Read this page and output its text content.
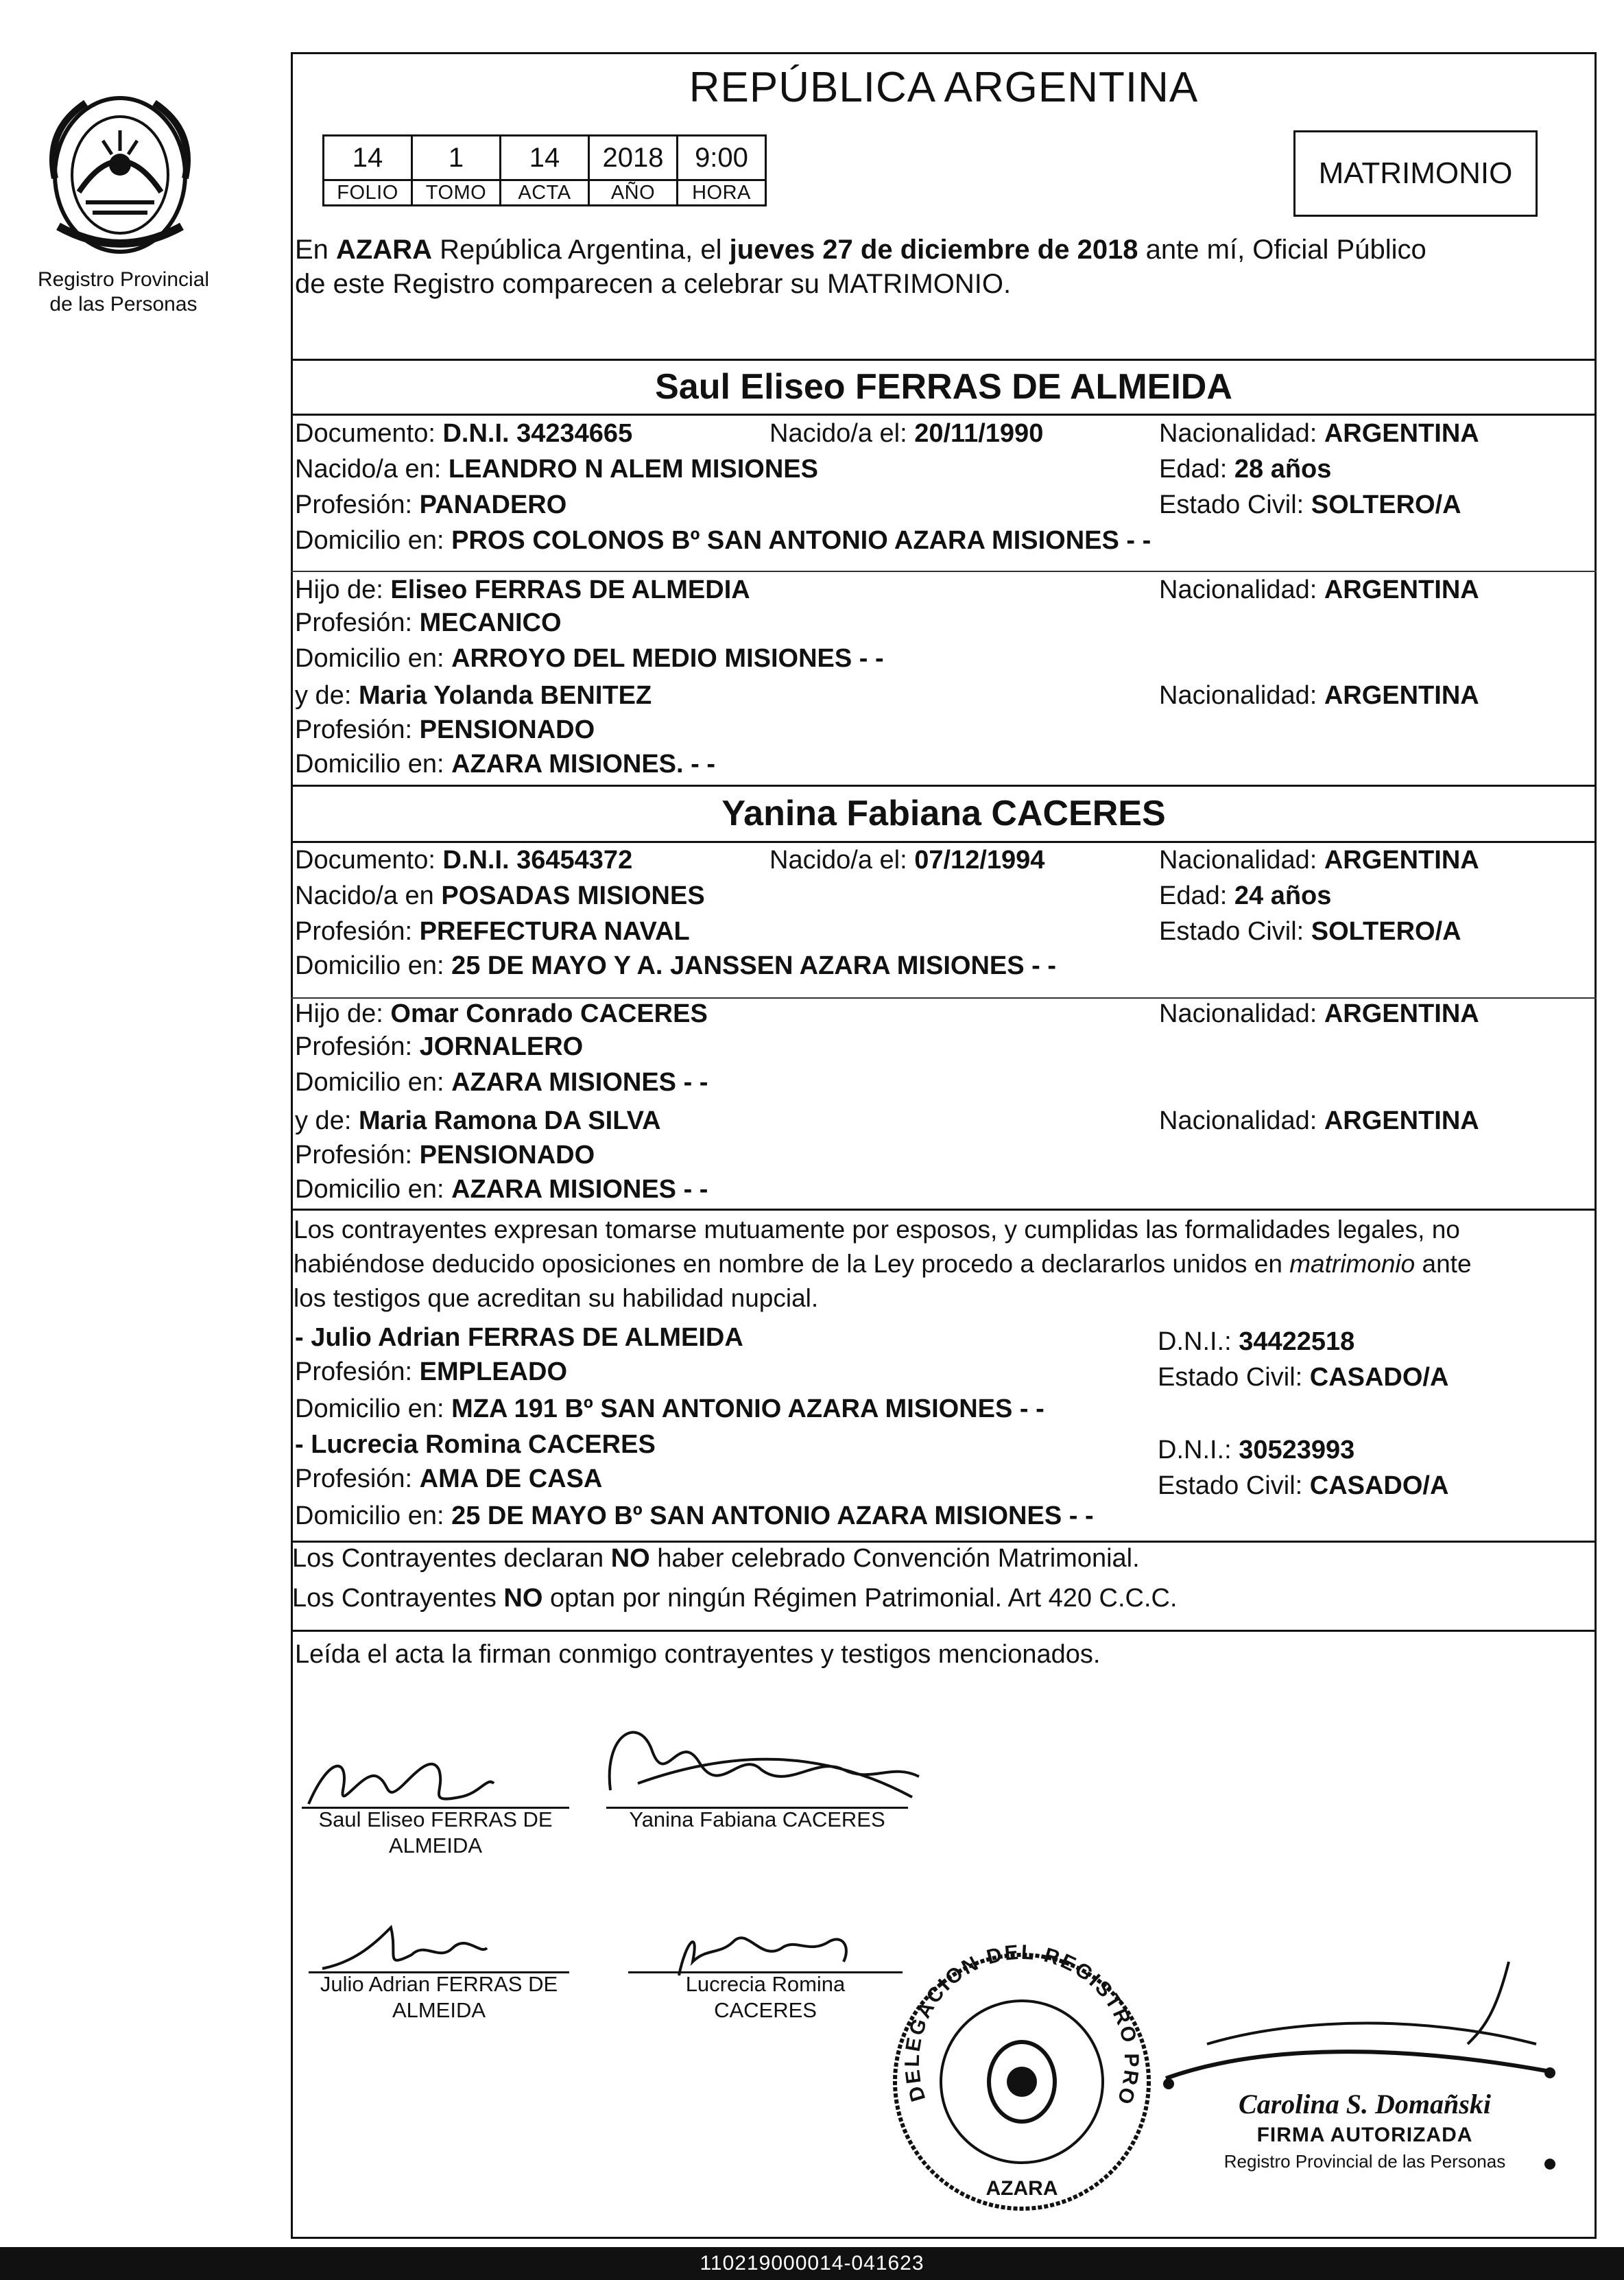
Registro Provincial
de las Personas
REPÚBLICA ARGENTINA
14	1	14	2018	9:00
FOLIO	TOMO	ACTA	AÑO	HORA
MATRIMONIO
En AZARA República Argentina, el jueves 27 de diciembre de 2018 ante mí, Oficial Público
de este Registro comparecen a celebrar su MATRIMONIO.
Saul Eliseo FERRAS DE ALMEIDA
Documento: D.N.I. 34234665	Nacido/a el: 20/11/1990	Nacionalidad: ARGENTINA
Nacido/a en: LEANDRO N ALEM MISIONES	Edad: 28 años
Profesión: PANADERO	Estado Civil: SOLTERO/A
Domicilio en: PROS COLONOS Bº SAN ANTONIO AZARA MISIONES - -
Hijo de: Eliseo FERRAS DE ALMEDIA	Nacionalidad: ARGENTINA
Profesión: MECANICO
Domicilio en: ARROYO DEL MEDIO MISIONES - -
y de: Maria Yolanda BENITEZ	Nacionalidad: ARGENTINA
Profesión: PENSIONADO
Domicilio en: AZARA MISIONES. - -
Yanina Fabiana CACERES
Documento: D.N.I. 36454372	Nacido/a el: 07/12/1994	Nacionalidad: ARGENTINA
Nacido/a en POSADAS MISIONES	Edad: 24 años
Profesión: PREFECTURA NAVAL	Estado Civil: SOLTERO/A
Domicilio en: 25 DE MAYO Y A. JANSSEN AZARA MISIONES - -
Hijo de: Omar Conrado CACERES	Nacionalidad: ARGENTINA
Profesión: JORNALERO
Domicilio en: AZARA MISIONES - -
y de: Maria Ramona DA SILVA	Nacionalidad: ARGENTINA
Profesión: PENSIONADO
Domicilio en: AZARA MISIONES - -
Los contrayentes expresan tomarse mutuamente por esposos, y cumplidas las formalidades legales, no
habiéndose deducido oposiciones en nombre de la Ley procedo a declararlos unidos en matrimonio ante
los testigos que acreditan su habilidad nupcial.
- Julio Adrian FERRAS DE ALMEIDA	D.N.I.: 34422518
Profesión: EMPLEADO	Estado Civil: CASADO/A
Domicilio en: MZA 191 Bº SAN ANTONIO AZARA MISIONES - -
- Lucrecia Romina CACERES	D.N.I.: 30523993
Profesión: AMA DE CASA	Estado Civil: CASADO/A
Domicilio en: 25 DE MAYO Bº SAN ANTONIO AZARA MISIONES - -
Los Contrayentes declaran NO haber celebrado Convención Matrimonial.
Los Contrayentes NO optan por ningún Régimen Patrimonial. Art 420 C.C.C.
Leída el acta la firman conmigo contrayentes y testigos mencionados.
Saul Eliseo FERRAS DE
ALMEIDA
Yanina Fabiana CACERES
Julio Adrian FERRAS DE
ALMEIDA
Lucrecia Romina
CACERES
DELEGACION DEL REGISTRO PROVINCIAL DE LAS PERSONAS
AZARA
Carolina S. Domañski
FIRMA AUTORIZADA
Registro Provincial de las Personas
110219000014-041623
